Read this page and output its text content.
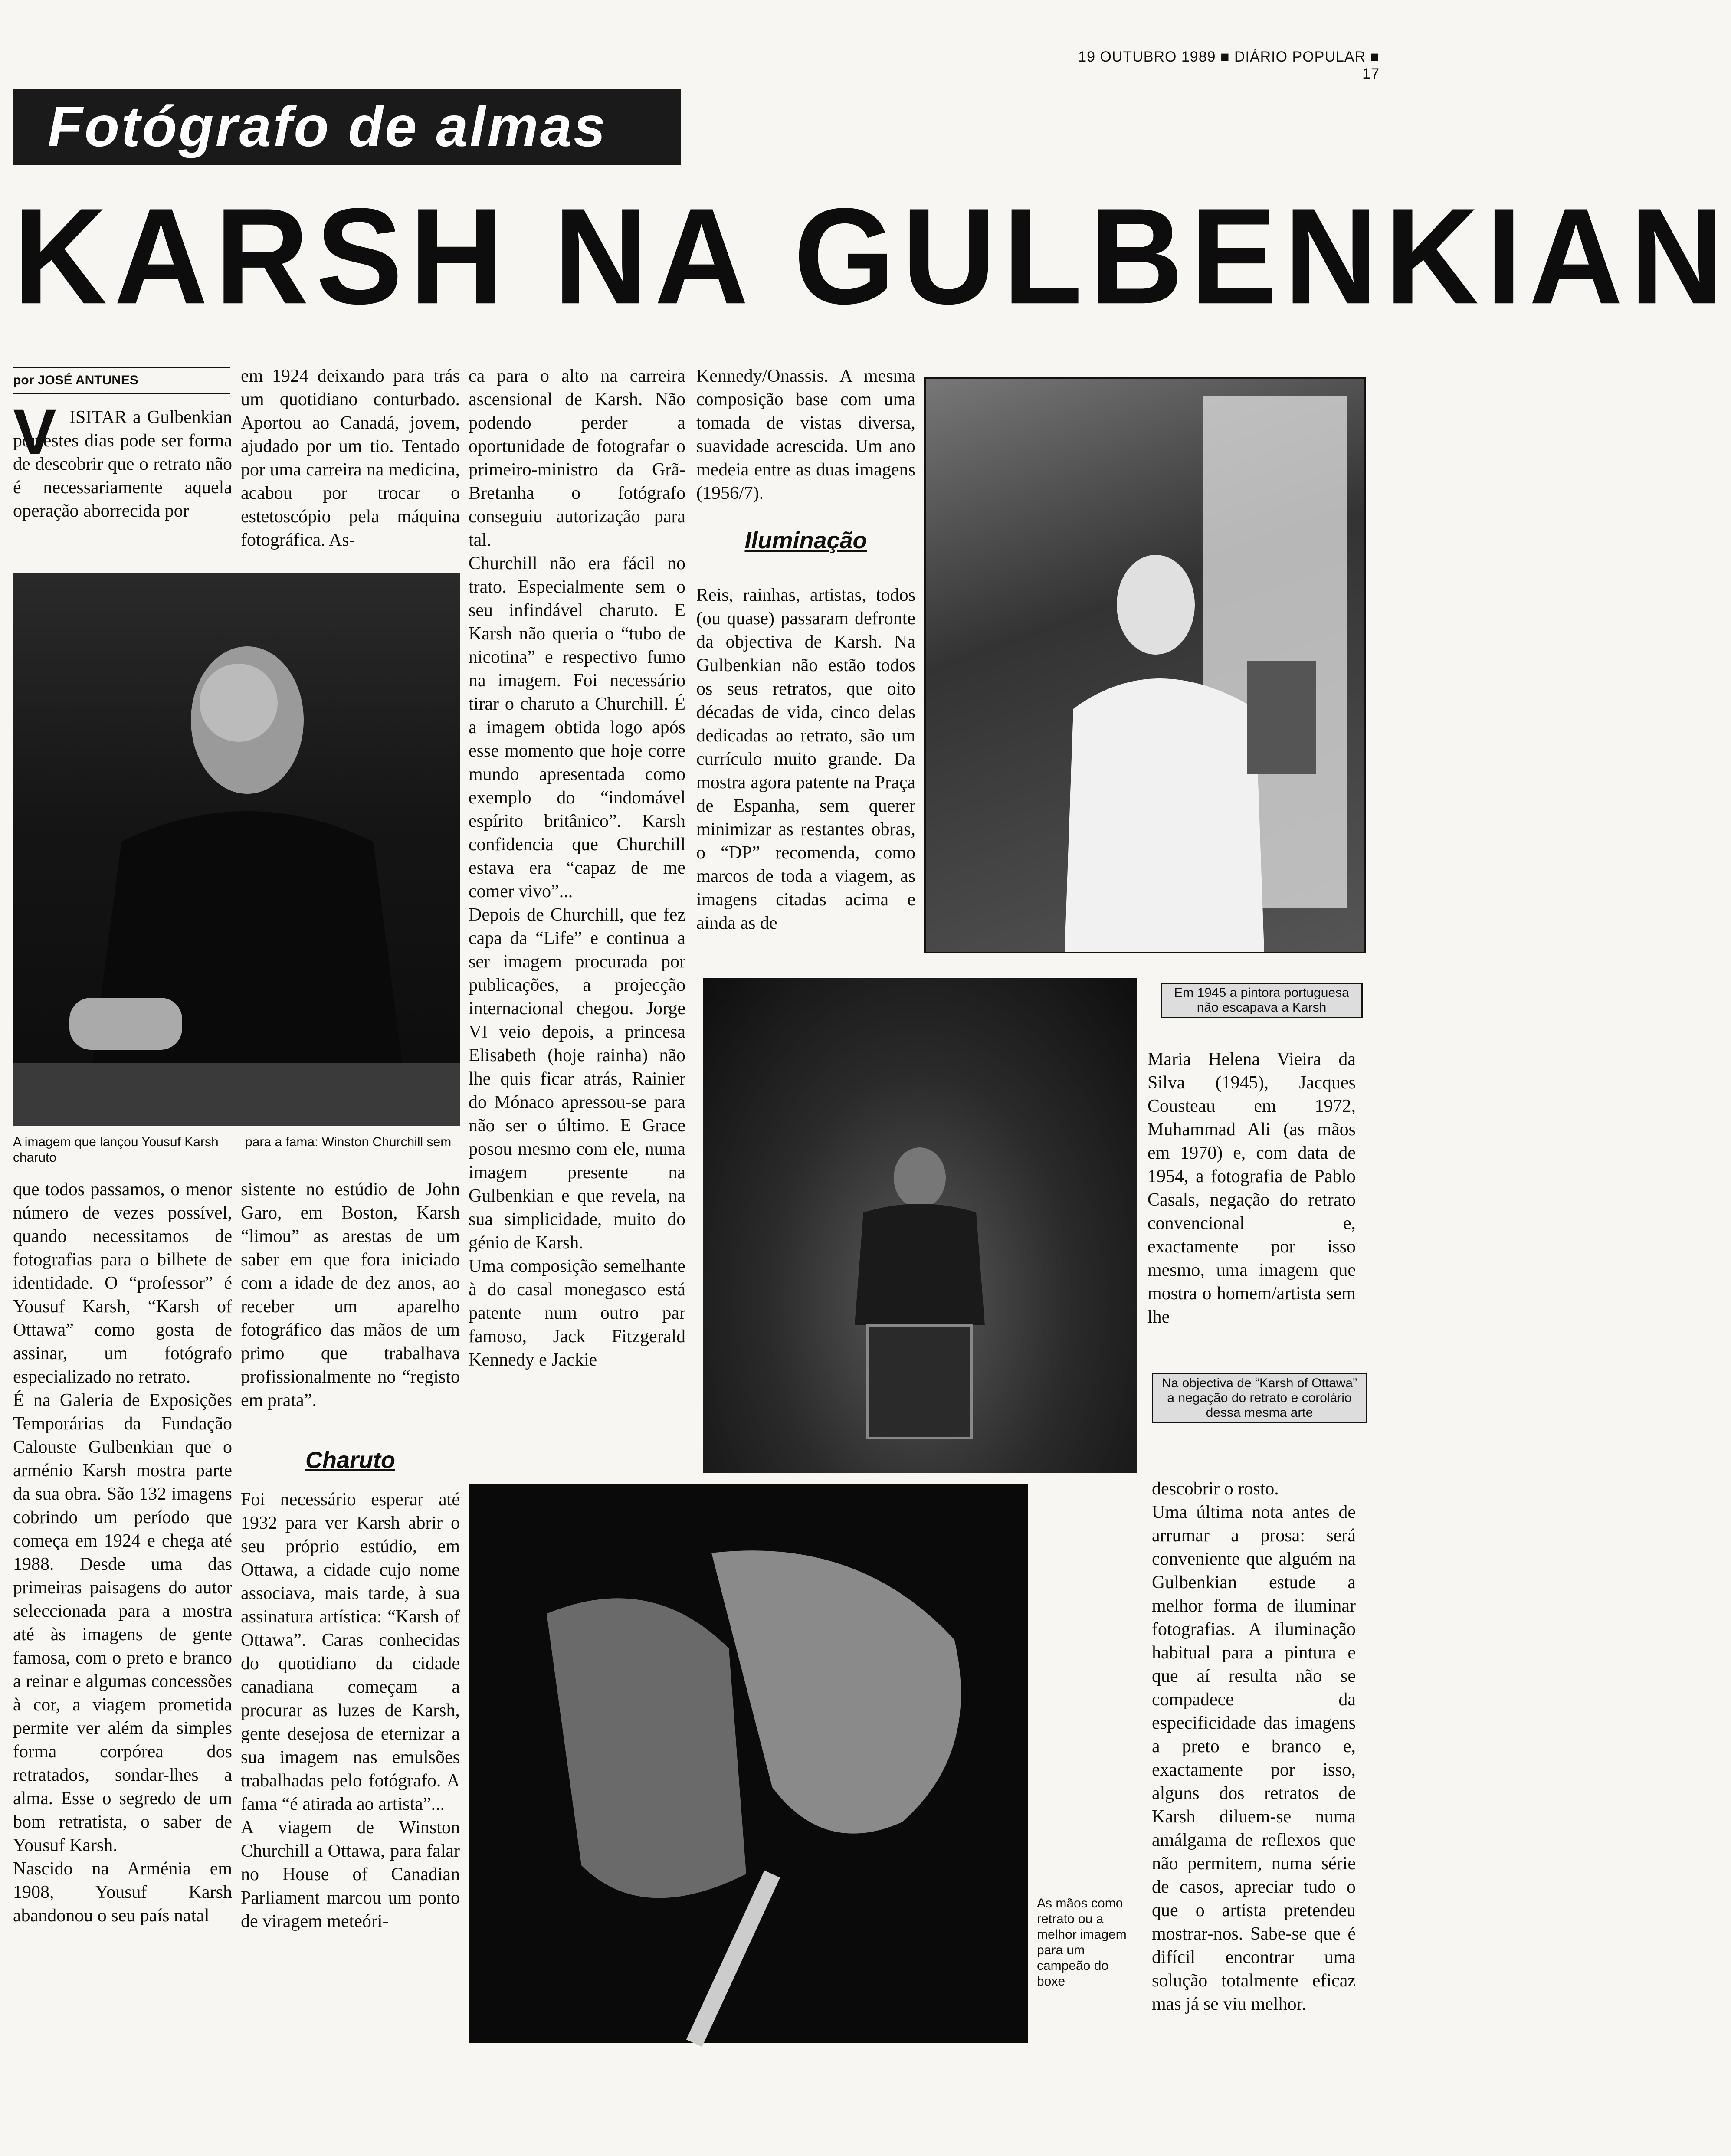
19 OUTUBRO 1989 ■ DIÁRIO POPULAR ■ 17
Fotógrafo de almas
KARSH NA GULBENKIAN
por JOSÉ ANTUNES
V ISITAR a Gulbenkian por estes dias pode ser forma de descobrir que o retrato não é necessariamente aquela operação aborrecida por
em 1924 deixando para trás um quotidiano conturbado. Aportou ao Canadá, jovem, ajudado por um tio. Tentado por uma carreira na medicina, acabou por trocar o estetoscópio pela máquina fotográfica. As-
ca para o alto na carreira ascensional de Karsh. Não podendo perder a oportunidade de fotografar o primeiro-ministro da Grã-Bretanha o fotógrafo conseguiu autorização para tal.
Churchill não era fácil no trato. Especialmente sem o seu infindável charuto. E Karsh não queria o “tubo de nicotina” e respectivo fumo na imagem. Foi necessário tirar o charuto a Churchill. É a imagem obtida logo após esse momento que hoje corre mundo apresentada como exemplo do “indomável espírito britânico”. Karsh confidencia que Churchill estava era “capaz de me comer vivo”...
Depois de Churchill, que fez capa da “Life” e continua a ser imagem procurada por publicações, a projecção internacional chegou. Jorge VI veio depois, a princesa Elisabeth (hoje rainha) não lhe quis ficar atrás, Rainier do Mónaco apressou-se para não ser o último. E Grace posou mesmo com ele, numa imagem presente na Gulbenkian e que revela, na sua simplicidade, muito do génio de Karsh.
Uma composição semelhante à do casal monegasco está patente num outro par famoso, Jack Fitzgerald Kennedy e Jackie
Kennedy/Onassis. A mesma composição base com uma tomada de vistas diversa, suavidade acrescida. Um ano medeia entre as duas imagens (1956/7).
Iluminação
Reis, rainhas, artistas, todos (ou quase) passaram defronte da objectiva de Karsh. Na Gulbenkian não estão todos os seus retratos, que oito décadas de vida, cinco delas dedicadas ao retrato, são um currículo muito grande. Da mostra agora patente na Praça de Espanha, sem querer minimizar as restantes obras, o “DP” recomenda, como marcos de toda a viagem, as imagens citadas acima e ainda as de
A imagem que lançou Yousuf Karsh charuto
para a fama: Winston Churchill sem
que todos passamos, o menor número de vezes possível, quando necessitamos de fotografias para o bilhete de identidade. O “professor” é Yousuf Karsh, “Karsh of Ottawa” como gosta de assinar, um fotógrafo especializado no retrato.
É na Galeria de Exposições Temporárias da Fundação Calouste Gulbenkian que o arménio Karsh mostra parte da sua obra. São 132 imagens cobrindo um período que começa em 1924 e chega até 1988. Desde uma das primeiras paisagens do autor seleccionada para a mostra até às imagens de gente famosa, com o preto e branco a reinar e algumas concessões à cor, a viagem prometida permite ver além da simples forma corpórea dos retratados, sondar-lhes a alma. Esse o segredo de um bom retratista, o saber de Yousuf Karsh.
Nascido na Arménia em 1908, Yousuf Karsh abandonou o seu país natal
sistente no estúdio de John Garo, em Boston, Karsh “limou” as arestas de um saber em que fora iniciado com a idade de dez anos, ao receber um aparelho fotográfico das mãos de um primo que trabalhava profissionalmente no “registo em prata”.
Charuto
Foi necessário esperar até 1932 para ver Karsh abrir o seu próprio estúdio, em Ottawa, a cidade cujo nome associava, mais tarde, à sua assinatura artística: “Karsh of Ottawa”. Caras conhecidas do quotidiano da cidade canadiana começam a procurar as luzes de Karsh, gente desejosa de eternizar a sua imagem nas emulsões trabalhadas pelo fotógrafo. A fama “é atirada ao artista”...
A viagem de Winston Churchill a Ottawa, para falar no House of Canadian Parliament marcou um ponto de viragem meteóri-
Em 1945 a pintora portuguesa não escapava a Karsh
Maria Helena Vieira da Silva (1945), Jacques Cousteau em 1972, Muhammad Ali (as mãos em 1970) e, com data de 1954, a fotografia de Pablo Casals, negação do retrato convencional e, exactamente por isso mesmo, uma imagem que mostra o homem/artista sem lhe
Na objectiva de “Karsh of Ottawa” a negação do retrato e corolário dessa mesma arte
descobrir o rosto.
Uma última nota antes de arrumar a prosa: será conveniente que alguém na Gulbenkian estude a melhor forma de iluminar fotografias. A iluminação habitual para a pintura e que aí resulta não se compadece da especificidade das imagens a preto e branco e, exactamente por isso, alguns dos retratos de Karsh diluem-se numa amálgama de reflexos que não permitem, numa série de casos, apreciar tudo o que o artista pretendeu mostrar-nos. Sabe-se que é difícil encontrar uma solução totalmente eficaz mas já se viu melhor.
As mãos como retrato ou a melhor imagem para um campeão do boxe
